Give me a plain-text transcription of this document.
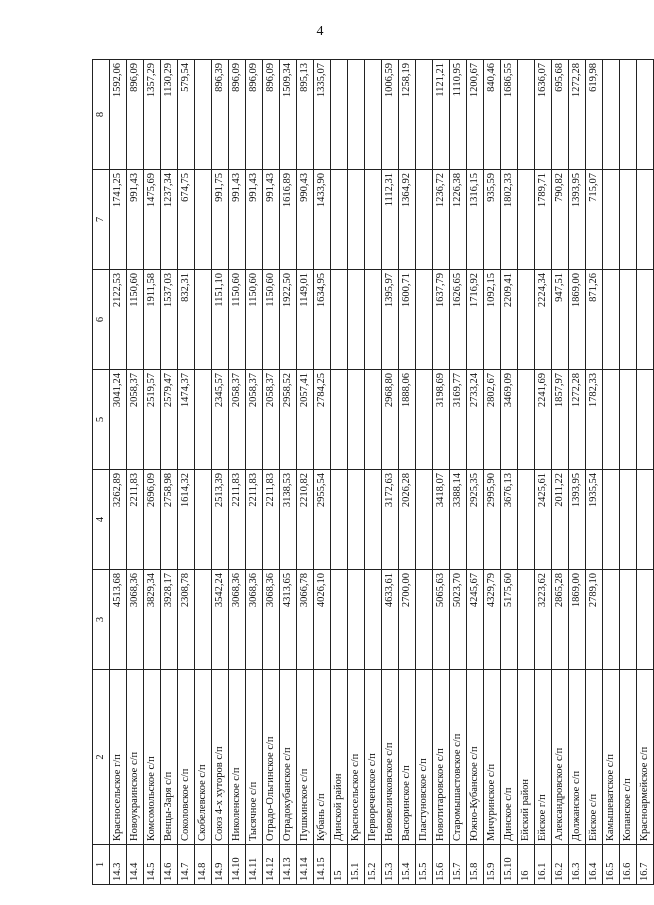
4
1	2	3	4	5	6	7	8
14.3	Красносельское г/п	4513,68	3262,89	3041,24	2122,53	1741,25	1592,06
14.4	Новоукраинское с/п	3068,36	2211,83	2058,37	1150,60	991,43	896,09
14.5	Комсомольское с/п	3829,34	2696,09	2519,57	1911,58	1475,69	1357,29
14.6	Венцы-Заря с/п	3928,17	2758,98	2579,47	1537,03	1237,34	1130,29
14.7	Соколовское с/п	2308,78	1614,32	1474,37	832,31	674,75	579,54
14.8	Скобелевское с/п						
14.9	Союз 4-х хуторов с/п	3542,24	2513,39	2345,57	1151,10	991,75	896,39
14.10	Николенское с/п	3068,36	2211,83	2058,37	1150,60	991,43	896,09
14.11	Тысячное с/п	3068,36	2211,83	2058,37	1150,60	991,43	896,09
14.12	Отрадо-Ольгинское с/п	3068,36	2211,83	2058,37	1150,60	991,43	896,09
14.13	Отрадокубанское с/п	4313,65	3138,53	2958,52	1922,50	1616,89	1509,34
14.14	Пушкинское с/п	3066,78	2210,82	2057,41	1149,01	990,43	895,13
14.15	Кубань с/п	4026,10	2955,54	2784,25	1634,95	1433,90	1335,07
15	Динской район						
15.1	Красносельское с/п						
15.2	Первореченское с/п						
15.3	Нововеличковское с/п	4633,61	3172,63	2968,80	1395,97	1112,31	1006,59
15.4	Васюринское с/п	2700,00	2026,28	1888,06	1600,71	1364,92	1258,19
15.5	Пластуновское с/п						
15.6	Новотитаровское с/п	5065,63	3418,07	3198,69	1637,79	1236,72	1121,21
15.7	Старомышастовское с/п	5023,70	3388,14	3169,77	1626,65	1226,38	1110,95
15.8	Южно-Кубанское с/п	4245,67	2925,35	2733,24	1716,92	1316,15	1200,67
15.9	Мичуринское с/п	4329,79	2995,90	2802,67	1092,15	935,59	840,46
15.10	Динское с/п	5175,60	3676,13	3469,09	2209,41	1802,33	1686,55
16	Ейский район						
16.1	Ейское г/п	3223,62	2425,61	2241,69	2224,34	1789,71	1636,07
16.2	Александровское с/п	2865,28	2011,22	1857,97	947,51	790,82	695,68
16.3	Должанское с/п	1869,00	1393,95	1272,28	1869,00	1393,95	1272,28
16.4	Ейское с/п	2789,10	1935,54	1782,33	871,26	715,07	619,98
16.5	Камышеватское с/п						
16.6	Копанское с/п						
16.7	Красноармейское с/п						
